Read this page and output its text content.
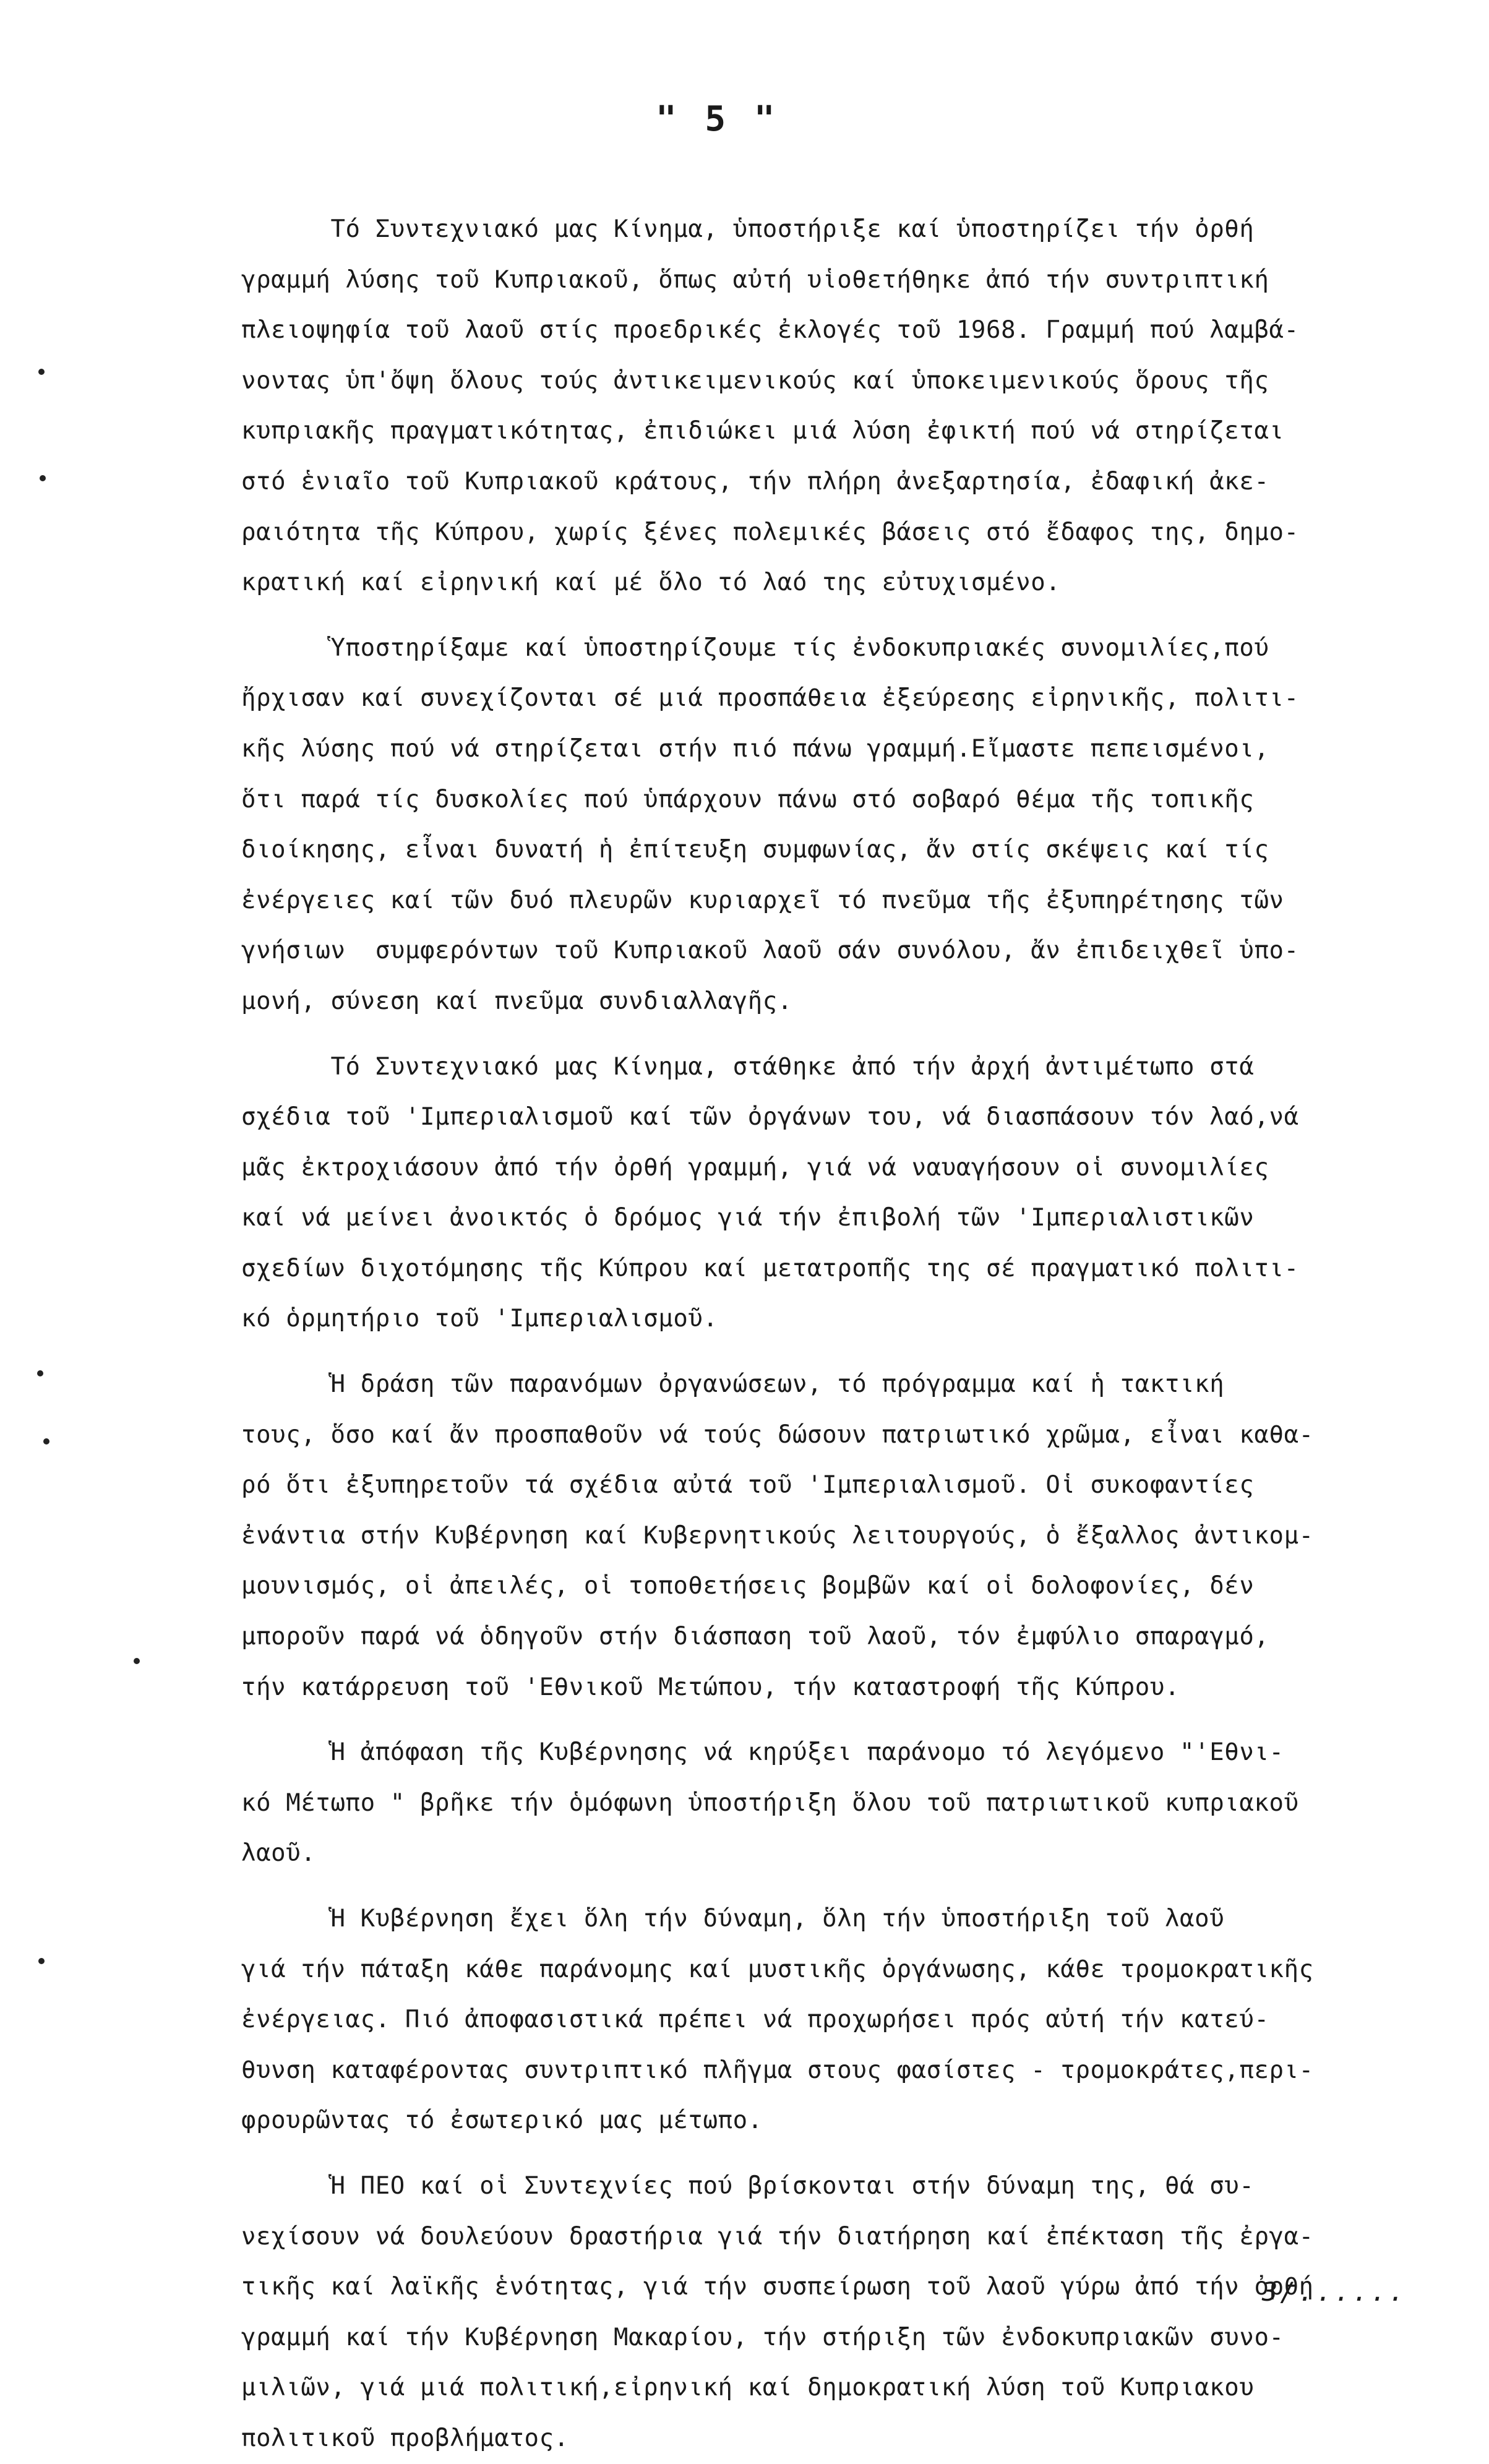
" 5 "
Τό Συντεχνιακό μας Κίνημα, ὑποστήριξε καί ὑποστηρίζει τήν ὀρθή
γραμμή λύσης τοῦ Κυπριακοῦ, ὅπως αὐτή υἱοθετήθηκε ἀπό τήν συντριπτική
πλειοψηφία τοῦ λαοῦ στίς προεδρικές ἐκλογές τοῦ 1968. Γραμμή πού λαμβά-
νοντας ὑπ'ὄψη ὅλους τούς ἀντικειμενικούς καί ὑποκειμενικούς ὅρους τῆς
κυπριακῆς πραγματικότητας, ἐπιδιώκει μιά λύση ἐφικτή πού νά στηρίζεται
στό ἑνιαῖο τοῦ Κυπριακοῦ κράτους, τήν πλήρη ἀνεξαρτησία, ἐδαφική ἀκε-
ραιότητα τῆς Κύπρου, χωρίς ξένες πολεμικές βάσεις στό ἔδαφος της, δημο-
κρατική καί εἰρηνική καί μέ ὅλο τό λαό της εὐτυχισμένο.
Ὑποστηρίξαμε καί ὑποστηρίζουμε τίς ἐνδοκυπριακές συνομιλίες,πού
ἤρχισαν καί συνεχίζονται σέ μιά προσπάθεια ἐξεύρεσης εἰρηνικῆς, πολιτι-
κῆς λύσης πού νά στηρίζεται στήν πιό πάνω γραμμή.Εἴμαστε πεπεισμένοι,
ὅτι παρά τίς δυσκολίες πού ὑπάρχουν πάνω στό σοβαρό θέμα τῆς τοπικῆς
διοίκησης, εἶναι δυνατή ἡ ἐπίτευξη συμφωνίας, ἄν στίς σκέψεις καί τίς
ἐνέργειες καί τῶν δυό πλευρῶν κυριαρχεῖ τό πνεῦμα τῆς ἐξυπηρέτησης τῶν
γνήσιων  συμφερόντων τοῦ Κυπριακοῦ λαοῦ σάν συνόλου, ἄν ἐπιδειχθεῖ ὑπο-
μονή, σύνεση καί πνεῦμα συνδιαλλαγῆς.
Τό Συντεχνιακό μας Κίνημα, στάθηκε ἀπό τήν ἀρχή ἀντιμέτωπο στά
σχέδια τοῦ 'Ιμπεριαλισμοῦ καί τῶν ὀργάνων του, νά διασπάσουν τόν λαό,νά
μᾶς ἐκτροχιάσουν ἀπό τήν ὀρθή γραμμή, γιά νά ναυαγήσουν οἱ συνομιλίες
καί νά μείνει ἀνοικτός ὁ δρόμος γιά τήν ἐπιβολή τῶν 'Ιμπεριαλιστικῶν
σχεδίων διχοτόμησης τῆς Κύπρου καί μετατροπῆς της σέ πραγματικό πολιτι-
κό ὁρμητήριο τοῦ 'Ιμπεριαλισμοῦ.
Ἡ δράση τῶν παρανόμων ὀργανώσεων, τό πρόγραμμα καί ἡ τακτική
τους, ὅσο καί ἄν προσπαθοῦν νά τούς δώσουν πατριωτικό χρῶμα, εἶναι καθα-
ρό ὅτι ἐξυπηρετοῦν τά σχέδια αὐτά τοῦ 'Ιμπεριαλισμοῦ. Οἱ συκοφαντίες
ἐνάντια στήν Κυβέρνηση καί Κυβερνητικούς λειτουργούς, ὁ ἔξαλλος ἀντικομ-
μουνισμός, οἱ ἀπειλές, οἱ τοποθετήσεις βομβῶν καί οἱ δολοφονίες, δέν
μποροῦν παρά νά ὁδηγοῦν στήν διάσπαση τοῦ λαοῦ, τόν ἐμφύλιο σπαραγμό,
τήν κατάρρευση τοῦ 'Εθνικοῦ Μετώπου, τήν καταστροφή τῆς Κύπρου.
Ἡ ἀπόφαση τῆς Κυβέρνησης νά κηρύξει παράνομο τό λεγόμενο "'Εθνι-
κό Μέτωπο " βρῆκε τήν ὁμόφωνη ὑποστήριξη ὅλου τοῦ πατριωτικοῦ κυπριακοῦ
λαοῦ.
Ἡ Κυβέρνηση ἔχει ὅλη τήν δύναμη, ὅλη τήν ὑποστήριξη τοῦ λαοῦ
γιά τήν πάταξη κάθε παράνομης καί μυστικῆς ὀργάνωσης, κάθε τρομοκρατικῆς
ἐνέργειας. Πιό ἀποφασιστικά πρέπει νά προχωρήσει πρός αὐτή τήν κατεύ-
θυνση καταφέροντας συντριπτικό πλῆγμα στους φασίστες - τρομοκράτες,περι-
φρουρῶντας τό ἐσωτερικό μας μέτωπο.
Ἡ ΠΕΟ καί οἱ Συντεχνίες πού βρίσκονται στήν δύναμη της, θά συ-
νεχίσουν νά δουλεύουν δραστήρια γιά τήν διατήρηση καί ἐπέκταση τῆς ἐργα-
τικῆς καί λαϊκῆς ἑνότητας, γιά τήν συσπείρωση τοῦ λαοῦ γύρω ἀπό τήν ὀρθή
γραμμή καί τήν Κυβέρνηση Μακαρίου, τήν στήριξη τῶν ἐνδοκυπριακῶν συνο-
μιλιῶν, γιά μιά πολιτική,εἰρηνική καί δημοκρατική λύση τοῦ Κυπριακου
πολιτικοῦ προβλήματος.
3/......
